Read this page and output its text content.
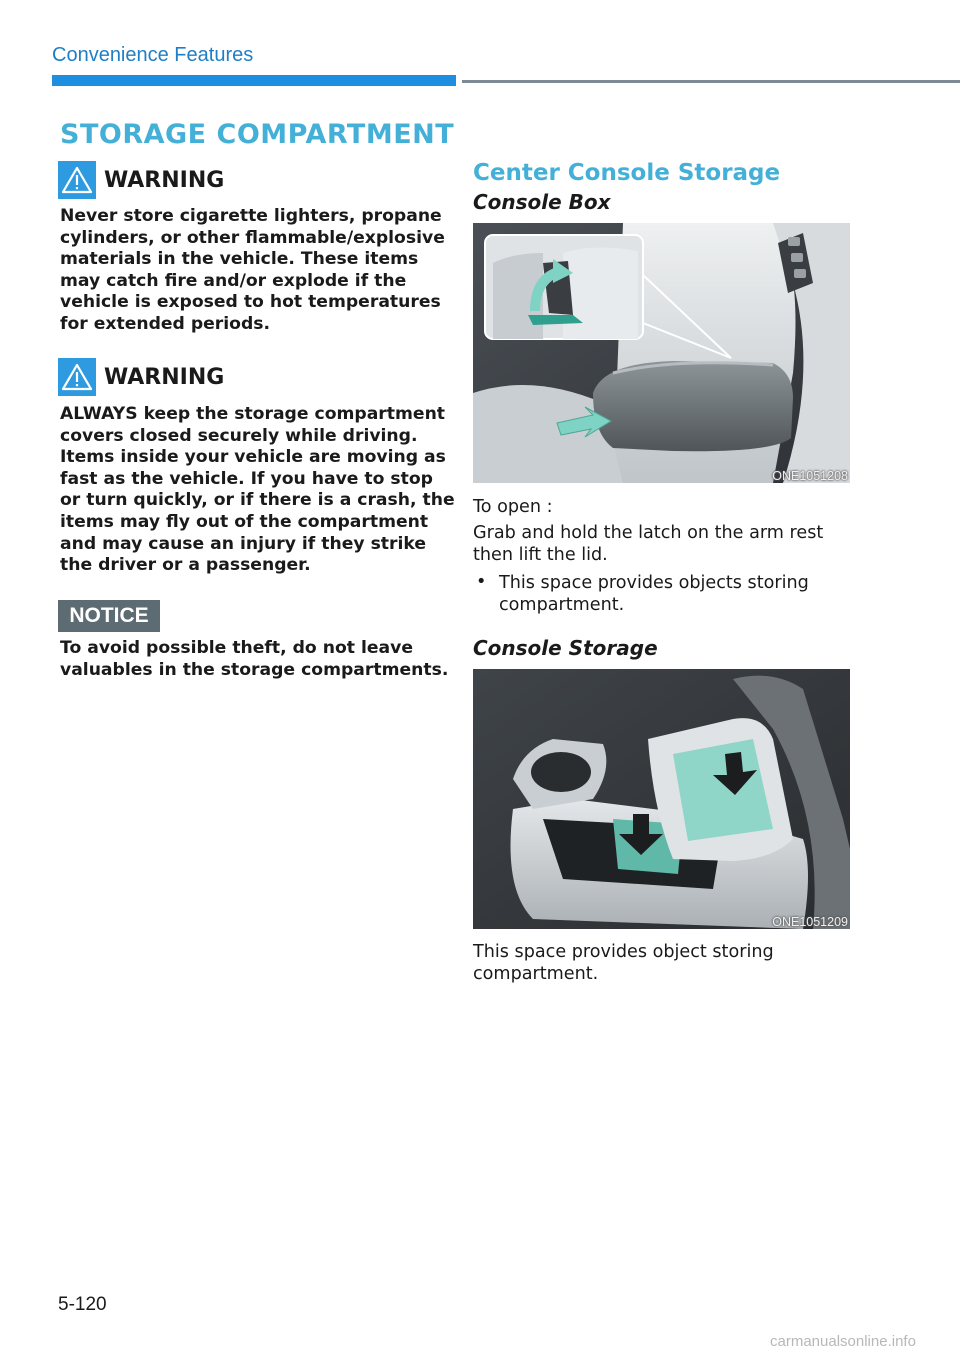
Convenience Features
STORAGE COMPARTMENT
WARNING
Never store cigarette lighters, propane
cylinders, or other flammable/explosive
materials in the vehicle. These items
may catch fire and/or explode if the
vehicle is exposed to hot temperatures
for extended periods.
WARNING
ALWAYS keep the storage compartment
covers closed securely while driving.
Items inside your vehicle are moving as
fast as the vehicle. If you have to stop
or turn quickly, or if there is a crash, the
items may fly out of the compartment
and may cause an injury if they strike
the driver or a passenger.
NOTICE
To avoid possible theft, do not leave
valuables in the storage compartments.
Center Console Storage
Console Box
ONE1051208
To open :
Grab and hold the latch on the arm rest
then lift the lid.
• This space provides objects storing
compartment.
Console Storage
ONE1051209
This space provides object storing
compartment.
5-120
carmanualsonline.info
